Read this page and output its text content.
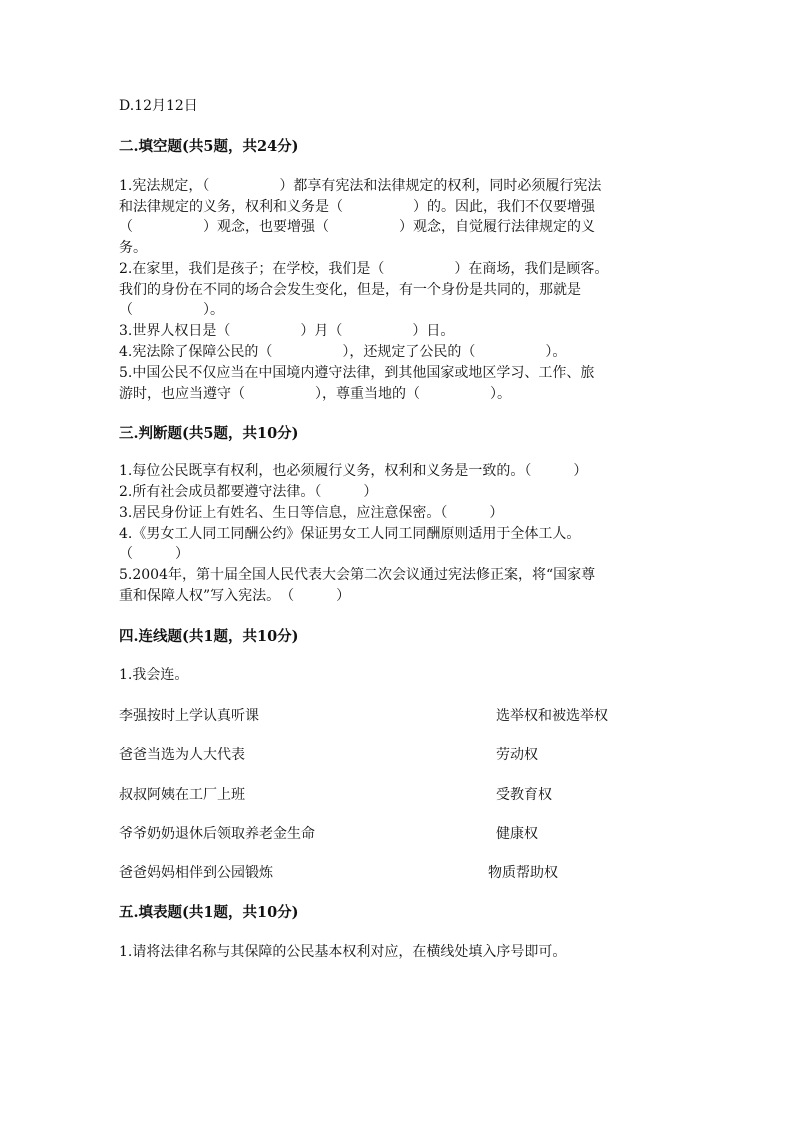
D.12月12日
二.填空题(共5题，共24分)
1.宪法规定，（　　　　　）都享有宪法和法律规定的权利，同时必须履行宪法
和法律规定的义务，权利和义务是（　　　　　）的。因此，我们不仅要增强
（　　　　　）观念，也要增强（　　　　　）观念，自觉履行法律规定的义
务。
2.在家里，我们是孩子；在学校，我们是（　　　　　）在商场，我们是顾客。
我们的身份在不同的场合会发生变化，但是，有一个身份是共同的，那就是
（　　　　　）。
3.世界人权日是（　　　　　）月（　　　　　）日。
4.宪法除了保障公民的（　　　　　），还规定了公民的（　　　　　）。
5.中国公民不仅应当在中国境内遵守法律，到其他国家或地区学习、工作、旅
游时，也应当遵守（　　　　　），尊重当地的（　　　　　）。
三.判断题(共5题，共10分)
1.每位公民既享有权利，也必须履行义务，权利和义务是一致的。（　　　）
2.所有社会成员都要遵守法律。（　　　）
3.居民身份证上有姓名、生日等信息，应注意保密。（　　　）
4.《男女工人同工同酬公约》保证男女工人同工同酬原则适用于全体工人。
（　　　）
5.2004年，第十届全国人民代表大会第二次会议通过宪法修正案，将“国家尊
重和保障人权”写入宪法。　（　　　）
四.连线题(共1题，共10分)
1.我会连。
李强按时上学认真听课	选举权和被选举权
爸爸当选为人大代表	劳动权
叔叔阿姨在工厂上班	受教育权
爷爷奶奶退休后领取养老金生命	健康权
爸爸妈妈相伴到公园锻炼	物质帮助权
五.填表题(共1题，共10分)
1.请将法律名称与其保障的公民基本权利对应，在横线处填入序号即可。
